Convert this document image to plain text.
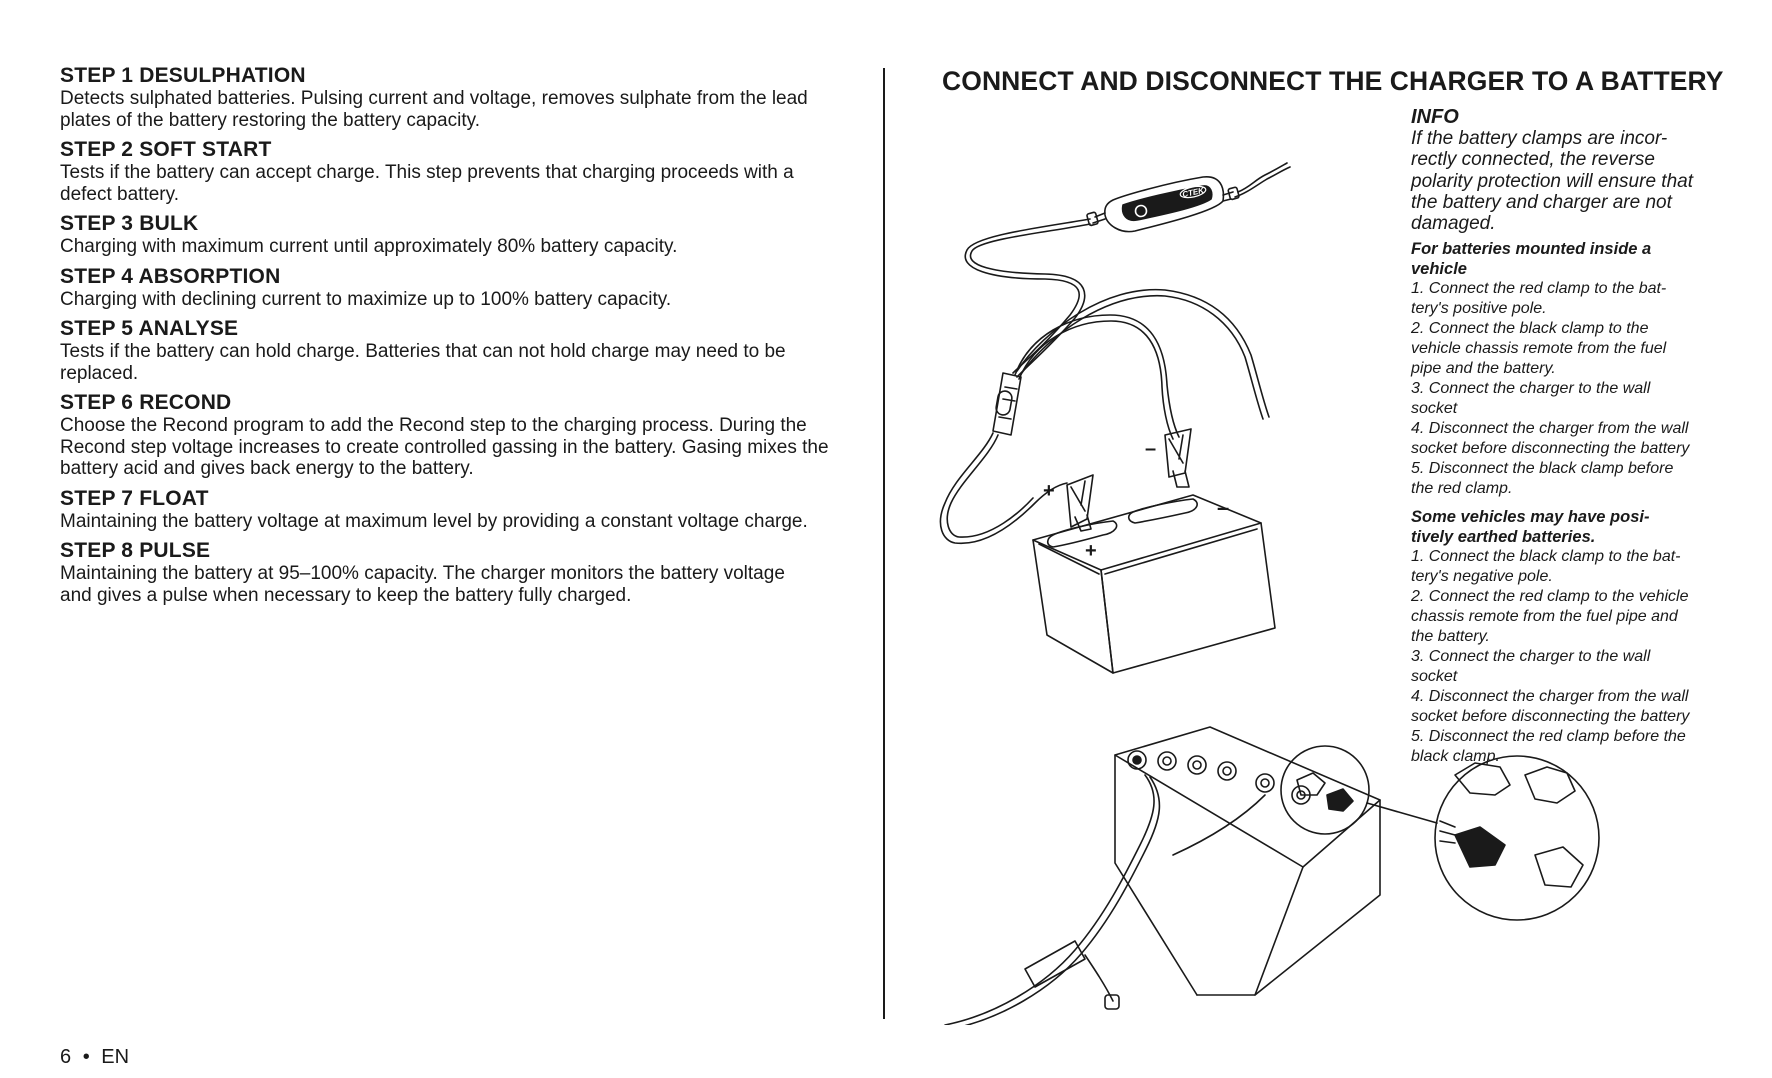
STEP 1 DESULPHATION
Detects sulphated batteries. Pulsing current and voltage, removes sulphate from the lead
plates of the battery restoring the battery capacity.
STEP 2 SOFT START
Tests if the battery can accept charge. This step prevents that charging proceeds with a
defect battery.
STEP 3 BULK
Charging with maximum current until approximately 80% battery capacity.
STEP 4 ABSORPTION
Charging with declining current to maximize up to 100% battery capacity.
STEP 5 ANALYSE
Tests if the battery can hold charge. Batteries that can not hold charge may need to be
replaced.
STEP 6 RECOND
Choose the Recond program to add the Recond step to the charging process. During the
Recond step voltage increases to create controlled gassing in the battery. Gasing mixes the
battery acid and gives back energy to the battery.
STEP 7 FLOAT
Maintaining the battery voltage at maximum level by providing a constant voltage charge.
STEP 8 PULSE
Maintaining the battery at 95–100% capacity. The charger monitors the battery voltage
and gives a pulse when necessary to keep the battery fully charged.
CONNECT AND DISCONNECT THE CHARGER TO A BATTERY
INFO
If the battery clamps are incor-
rectly connected, the reverse
polarity protection will ensure that
the battery and charger are not
damaged.
For batteries mounted inside a
vehicle
1. Connect the red clamp to the bat-
tery's positive pole.
2. Connect the black clamp to the
vehicle chassis remote from the fuel
pipe and the battery.
3. Connect the charger to the wall
socket
4. Disconnect the charger from the wall
socket before disconnecting the battery
5. Disconnect the black clamp before
the red clamp.
Some vehicles may have posi-
tively earthed batteries.
1. Connect the black clamp to the bat-
tery's negative pole.
2. Connect the red clamp to the vehicle
chassis remote from the fuel pipe and
the battery.
3. Connect the charger to the wall
socket
4. Disconnect the charger from the wall
socket before disconnecting the battery
5. Disconnect the red clamp before the
black clamp.
CTEK
+
–
+
–
6 • EN
